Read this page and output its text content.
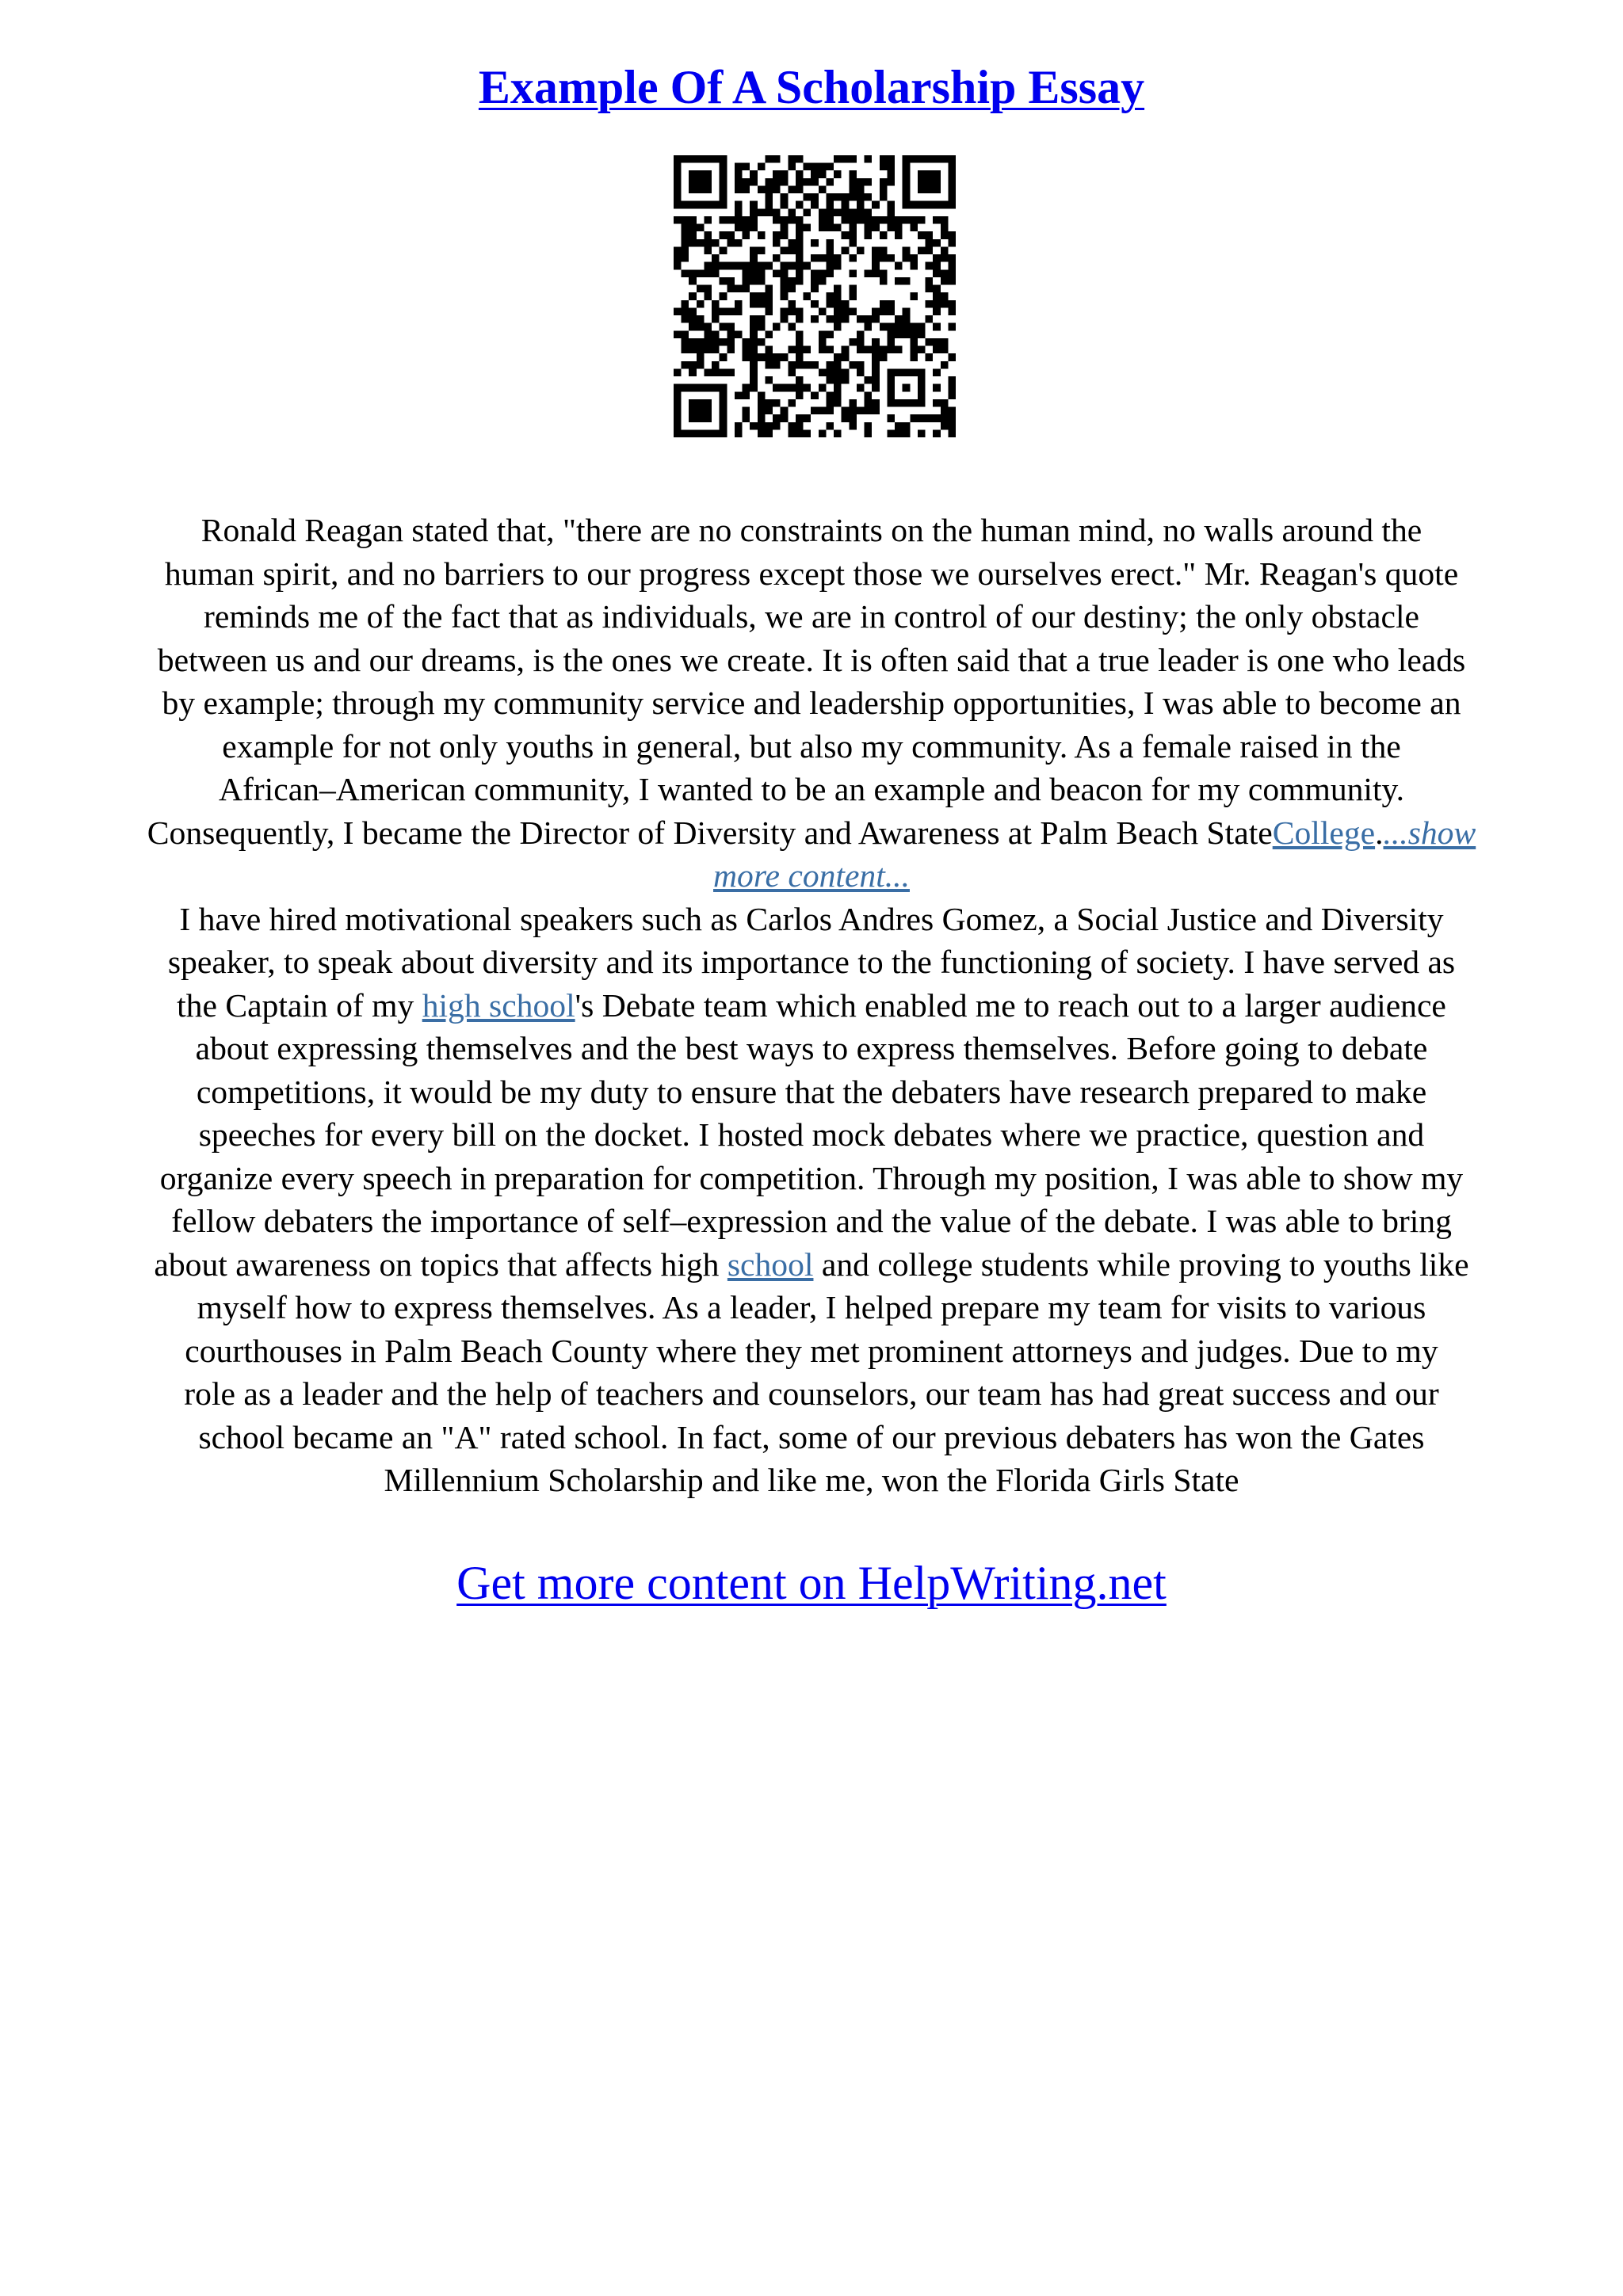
Example Of A Scholarship Essay
Ronald Reagan stated that, "there are no constraints on the human mind, no walls around the
human spirit, and no barriers to our progress except those we ourselves erect." Mr. Reagan's quote
reminds me of the fact that as individuals, we are in control of our destiny; the only obstacle
between us and our dreams, is the ones we create. It is often said that a true leader is one who leads
by example; through my community service and leadership opportunities, I was able to become an
example for not only youths in general, but also my community. As a female raised in the
African–American community, I wanted to be an example and beacon for my community.
Consequently, I became the Director of Diversity and Awareness at Palm Beach StateCollege....show
more content...
I have hired motivational speakers such as Carlos Andres Gomez, a Social Justice and Diversity
speaker, to speak about diversity and its importance to the functioning of society. I have served as
the Captain of my high school's Debate team which enabled me to reach out to a larger audience
about expressing themselves and the best ways to express themselves. Before going to debate
competitions, it would be my duty to ensure that the debaters have research prepared to make
speeches for every bill on the docket. I hosted mock debates where we practice, question and
organize every speech in preparation for competition. Through my position, I was able to show my
fellow debaters the importance of self–expression and the value of the debate. I was able to bring
about awareness on topics that affects high school and college students while proving to youths like
myself how to express themselves. As a leader, I helped prepare my team for visits to various
courthouses in Palm Beach County where they met prominent attorneys and judges. Due to my
role as a leader and the help of teachers and counselors, our team has had great success and our
school became an "A" rated school. In fact, some of our previous debaters has won the Gates
Millennium Scholarship and like me, won the Florida Girls State
Get more content on HelpWriting.net
